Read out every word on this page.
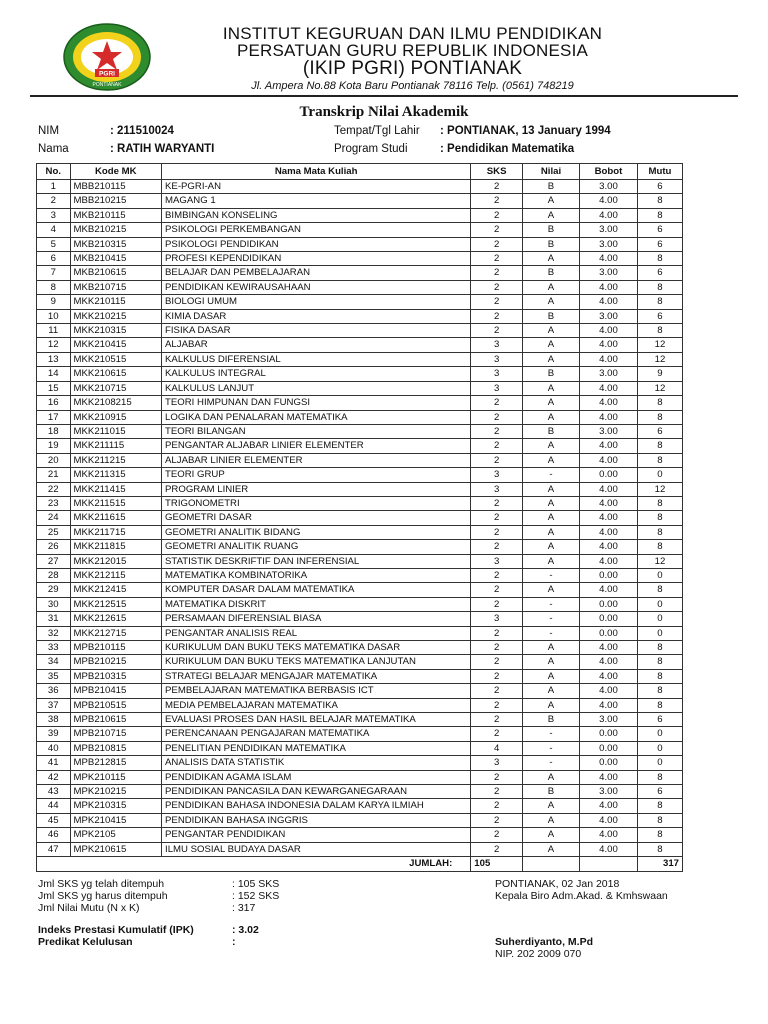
PGRI
PONTIANAK
INSTITUT KEGURUAN DAN ILMU PENDIDIKAN
PERSATUAN GURU REPUBLIK INDONESIA
(IKIP PGRI) PONTIANAK
Jl. Ampera No.88 Kota Baru Pontianak 78116 Telp. (0561) 748219
Transkrip Nilai Akademik
NIM	: 211510024
Nama	: RATIH WARYANTI
Tempat/Tgl Lahir : PONTIANAK, 13 January 1994
Program Studi	: Pendidikan Matematika
No.	Kode MK	Nama Mata Kuliah	SKS	Nilai	Bobot	Mutu
1	MBB210115	KE-PGRI-AN	2	B	3.00	6
2	MBB210215	MAGANG 1	2	A	4.00	8
3	MKB210115	BIMBINGAN KONSELING	2	A	4.00	8
4	MKB210215	PSIKOLOGI PERKEMBANGAN	2	B	3.00	6
5	MKB210315	PSIKOLOGI PENDIDIKAN	2	B	3.00	6
6	MKB210415	PROFESI KEPENDIDIKAN	2	A	4.00	8
7	MKB210615	BELAJAR DAN PEMBELAJARAN	2	B	3.00	6
8	MKB210715	PENDIDIKAN KEWIRAUSAHAAN	2	A	4.00	8
9	MKK210115	BIOLOGI UMUM	2	A	4.00	8
10	MKK210215	KIMIA DASAR	2	B	3.00	6
11	MKK210315	FISIKA DASAR	2	A	4.00	8
12	MKK210415	ALJABAR	3	A	4.00	12
13	MKK210515	KALKULUS DIFERENSIAL	3	A	4.00	12
14	MKK210615	KALKULUS INTEGRAL	3	B	3.00	9
15	MKK210715	KALKULUS LANJUT	3	A	4.00	12
16	MKK2108215	TEORI HIMPUNAN DAN FUNGSI	2	A	4.00	8
17	MKK210915	LOGIKA DAN PENALARAN MATEMATIKA	2	A	4.00	8
18	MKK211015	TEORI BILANGAN	2	B	3.00	6
19	MKK211115	PENGANTAR ALJABAR LINIER ELEMENTER	2	A	4.00	8
20	MKK211215	ALJABAR LINIER ELEMENTER	2	A	4.00	8
21	MKK211315	TEORI GRUP	3	-	0.00	0
22	MKK211415	PROGRAM LINIER	3	A	4.00	12
23	MKK211515	TRIGONOMETRI	2	A	4.00	8
24	MKK211615	GEOMETRI DASAR	2	A	4.00	8
25	MKK211715	GEOMETRI ANALITIK BIDANG	2	A	4.00	8
26	MKK211815	GEOMETRI ANALITIK RUANG	2	A	4.00	8
27	MKK212015	STATISTIK DESKRIFTIF DAN INFERENSIAL	3	A	4.00	12
28	MKK212115	MATEMATIKA KOMBINATORIKA	2	-	0.00	0
29	MKK212415	KOMPUTER DASAR DALAM MATEMATIKA	2	A	4.00	8
30	MKK212515	MATEMATIKA DISKRIT	2	-	0.00	0
31	MKK212615	PERSAMAAN DIFERENSIAL BIASA	3	-	0.00	0
32	MKK212715	PENGANTAR ANALISIS REAL	2	-	0.00	0
33	MPB210115	KURIKULUM DAN BUKU TEKS MATEMATIKA DASAR	2	A	4.00	8
34	MPB210215	KURIKULUM DAN BUKU TEKS MATEMATIKA LANJUTAN	2	A	4.00	8
35	MPB210315	STRATEGI BELAJAR MENGAJAR MATEMATIKA	2	A	4.00	8
36	MPB210415	PEMBELAJARAN MATEMATIKA BERBASIS ICT	2	A	4.00	8
37	MPB210515	MEDIA PEMBELAJARAN MATEMATIKA	2	A	4.00	8
38	MPB210615	EVALUASI PROSES DAN HASIL BELAJAR MATEMATIKA	2	B	3.00	6
39	MPB210715	PERENCANAAN PENGAJARAN MATEMATIKA	2	-	0.00	0
40	MPB210815	PENELITIAN PENDIDIKAN MATEMATIKA	4	-	0.00	0
41	MPB212815	ANALISIS DATA STATISTIK	3	-	0.00	0
42	MPK210115	PENDIDIKAN AGAMA ISLAM	2	A	4.00	8
43	MPK210215	PENDIDIKAN PANCASILA DAN KEWARGANEGARAAN	2	B	3.00	6
44	MPK210315	PENDIDIKAN BAHASA INDONESIA DALAM KARYA ILMIAH	2	A	4.00	8
45	MPK210415	PENDIDIKAN BAHASA INGGRIS	2	A	4.00	8
46	MPK2105	PENGANTAR PENDIDIKAN	2	A	4.00	8
47	MPK210615	ILMU SOSIAL BUDAYA DASAR	2	A	4.00	8
JUMLAH:			105			317
Jml SKS yg telah ditempuh	: 105 SKS
Jml SKS yg harus ditempuh	: 152 SKS
Jml Nilai Mutu (N x K)	: 317
Indeks Prestasi Kumulatif (IPK)	: 3.02
Predikat Kelulusan	:
PONTIANAK, 02 Jan 2018
Kepala Biro Adm.Akad. & Kmhswaan
Suherdiyanto, M.Pd
NIP. 202 2009 070
